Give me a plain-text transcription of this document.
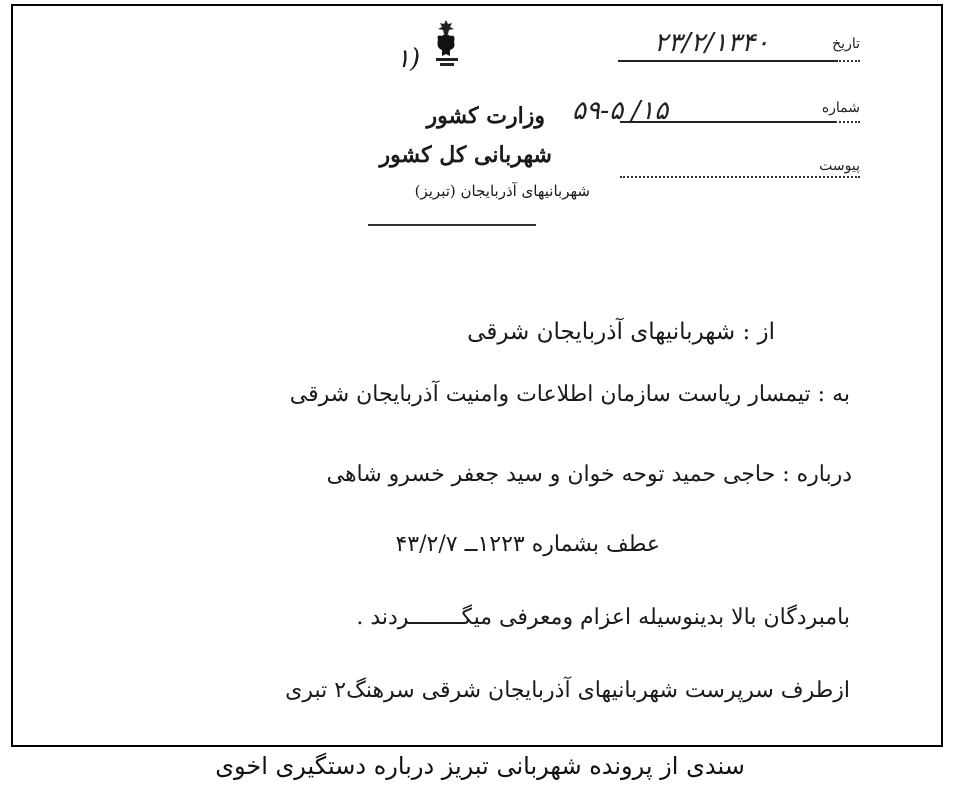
۱)
وزارت کشور
شهربانی کل کشور
شهربانیهای آذربایجان (تبریز)
تاریخ
۲۳/۲/۱۳۴۰
شماره
۵۹-۵ /۱۵
پیوست
از : شهربانیهای آذربایجان شرقی
به : تیمسار ریاست سازمان اطلاعات وامنیت آذربایجان شرقی
درباره : حاجی حمید توحه خوان و سید جعفر خسرو شاهی
عطف بشماره ۱۲۲۳ــ ۴۳/۲/۷
بامبردگان بالا بدینوسیله اعزام ومعرفی میگــــــــردند .
ازطرف سرپرست شهربانیهای آذربایجان شرقی سرهنگ۲ تبری
سندی از پرونده شهربانی تبریز درباره دستگیری اخوی
